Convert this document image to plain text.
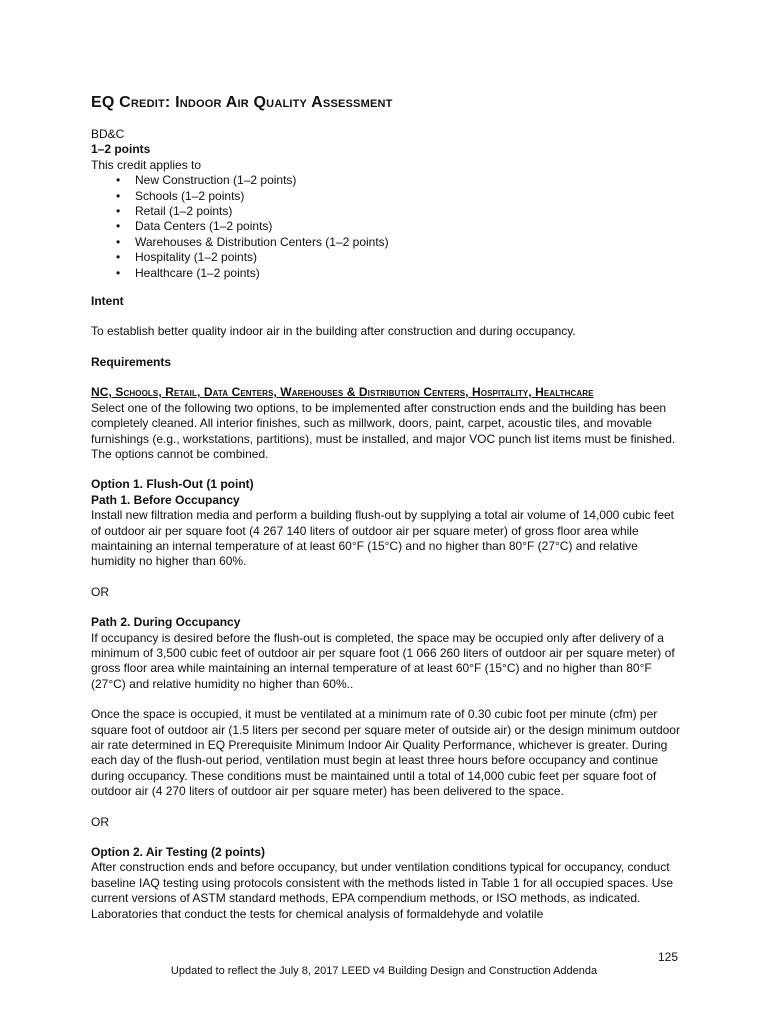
EQ Credit: Indoor Air Quality Assessment

BD&C

1–2 points

This credit applies to

• New Construction (1–2 points)
• Schools (1–2 points)
• Retail (1–2 points)
• Data Centers (1–2 points)
• Warehouses & Distribution Centers (1–2 points)
• Hospitality (1–2 points)
• Healthcare (1–2 points)

Intent

To establish better quality indoor air in the building after construction and during occupancy.

Requirements

NC, Schools, Retail, Data Centers, Warehouses & Distribution Centers, Hospitality, Healthcare

Select one of the following two options, to be implemented after construction ends and the building has been completely cleaned. All interior finishes, such as millwork, doors, paint, carpet, acoustic tiles, and movable furnishings (e.g., workstations, partitions), must be installed, and major VOC punch list items must be finished. The options cannot be combined.

Option 1. Flush-Out (1 point)

Path 1. Before Occupancy

Install new filtration media and perform a building flush-out by supplying a total air volume of 14,000 cubic feet of outdoor air per square foot (4 267 140 liters of outdoor air per square meter) of gross floor area while maintaining an internal temperature of at least 60°F (15°C) and no higher than 80°F (27°C) and relative humidity no higher than 60%.

OR

Path 2. During Occupancy

If occupancy is desired before the flush-out is completed, the space may be occupied only after delivery of a minimum of 3,500 cubic feet of outdoor air per square foot (1 066 260 liters of outdoor air per square meter) of gross floor area while maintaining an internal temperature of at least 60°F (15°C) and no higher than 80°F (27°C) and relative humidity no higher than 60%..

Once the space is occupied, it must be ventilated at a minimum rate of 0.30 cubic foot per minute (cfm) per square foot of outdoor air (1.5 liters per second per square meter of outside air) or the design minimum outdoor air rate determined in EQ Prerequisite Minimum Indoor Air Quality Performance, whichever is greater. During each day of the flush-out period, ventilation must begin at least three hours before occupancy and continue during occupancy. These conditions must be maintained until a total of 14,000 cubic feet per square foot of outdoor air (4 270 liters of outdoor air per square meter) has been delivered to the space.

OR

Option 2. Air Testing (2 points)

After construction ends and before occupancy, but under ventilation conditions typical for occupancy, conduct baseline IAQ testing using protocols consistent with the methods listed in Table 1 for all occupied spaces. Use current versions of ASTM standard methods, EPA compendium methods, or ISO methods, as indicated. Laboratories that conduct the tests for chemical analysis of formaldehyde and volatile

125
Updated to reflect the July 8, 2017 LEED v4 Building Design and Construction Addenda
